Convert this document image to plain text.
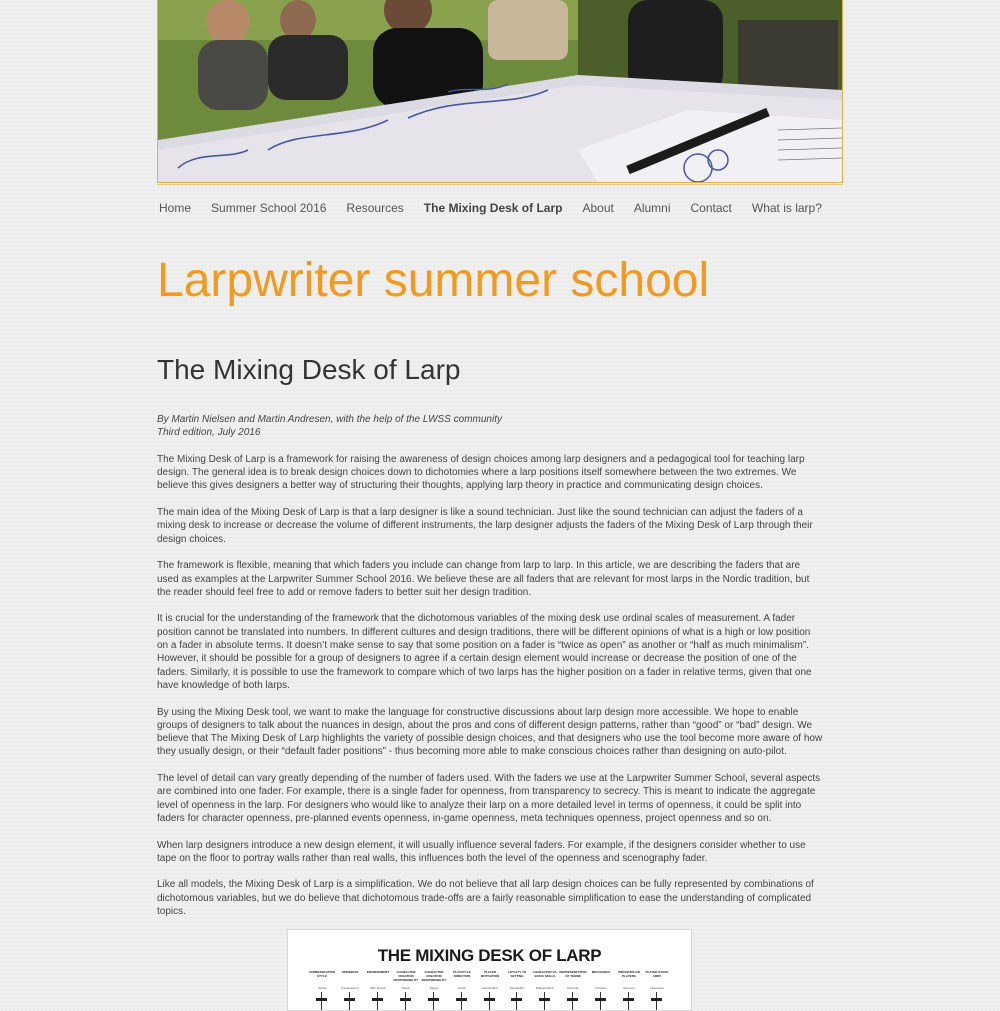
Home Summer School 2016 Resources The Mixing Desk of Larp About Alumni Contact What is larp?
Larpwriter summer school
The Mixing Desk of Larp

By Martin Nielsen and Martin Andresen, with the help of the LWSS community
Third edition, July 2016

The Mixing Desk of Larp is a framework for raising the awareness of design choices among larp designers and a pedagogical tool for teaching larp design. The general idea is to break design choices down to dichotomies where a larp positions itself somewhere between the two extremes. We believe this gives designers a better way of structuring their thoughts, applying larp theory in practice and communicating design choices.

The main idea of the Mixing Desk of Larp is that a larp designer is like a sound technician. Just like the sound technician can adjust the faders of a mixing desk to increase or decrease the volume of different instruments, the larp designer adjusts the faders of the Mixing Desk of Larp through their design choices.

The framework is flexible, meaning that which faders you include can change from larp to larp. In this article, we are describing the faders that are used as examples at the Larpwriter Summer School 2016. We believe these are all faders that are relevant for most larps in the Nordic tradition, but the reader should feel free to add or remove faders to better suit her design tradition.

It is crucial for the understanding of the framework that the dichotomous variables of the mixing desk use ordinal scales of measurement. A fader position cannot be translated into numbers. In different cultures and design traditions, there will be different opinions of what is a high or low position on a fader in absolute terms. It doesn’t make sense to say that some position on a fader is “twice as open” as another or “half as much minimalism”. However, it should be possible for a group of designers to agree if a certain design element would increase or decrease the position of one of the faders. Similarly, it is possible to use the framework to compare which of two larps has the higher position on a fader in relative terms, given that one have knowledge of both larps.

By using the Mixing Desk tool, we want to make the language for constructive discussions about larp design more accessible. We hope to enable groups of designers to talk about the nuances in design, about the pros and cons of different design patterns, rather than “good” or “bad” design. We believe that The Mixing Desk of Larp highlights the variety of possible design choices, and that designers who use the tool become more aware of how they usually design, or their “default fader positions” - thus becoming more able to make conscious choices rather than designing on auto-pilot.

The level of detail can vary greatly depending of the number of faders used. With the faders we use at the Larpwriter Summer School, several aspects are combined into one fader. For example, there is a single fader for openness, from transparency to secrecy. This is meant to indicate the aggregate level of openness in the larp. For designers who would like to analyze their larp on a more detailed level in terms of openness, it could be split into faders for character openness, pre-planned events openness, in-game openness, meta techniques openness, project openness and so on.

When larp designers introduce a new design element, it will usually influence several faders. For example, if the designers consider whether to use tape on the floor to portray walls rather than real walls, this influences both the level of the openness and scenography fader.

Like all models, the Mixing Desk of Larp is a simplification. We do not believe that all larp design choices can be fully represented by combinations of dichotomous variables, but we do believe that dichotomous trade-offs are a fairly reasonable simplification to ease the understanding of complicated topics.

THE MIXING DESK OF LARP
COMMUNICATION STYLE
Verbal
OPENNESS
Transparency
ENVIRONMENT
360° illusion
CHARACTER CREATION RESPONSIBILITY
Player
CHARACTER CREATION RESPONSIBILITY
Player
PLAYSTYLE DIRECTION
Active
PLAYER MOTIVATION
Gamification
LOYALTY TO SETTING
Plausibility
CHARACTER VS. BASIC SKILLS
Differentiation
REPRESENTATION OF THEME
Diversity
MECHANICS
Inclusive
PRESSURE ON PLAYERS
Absence
PLAYER STAGE ARMY
Hesitance
